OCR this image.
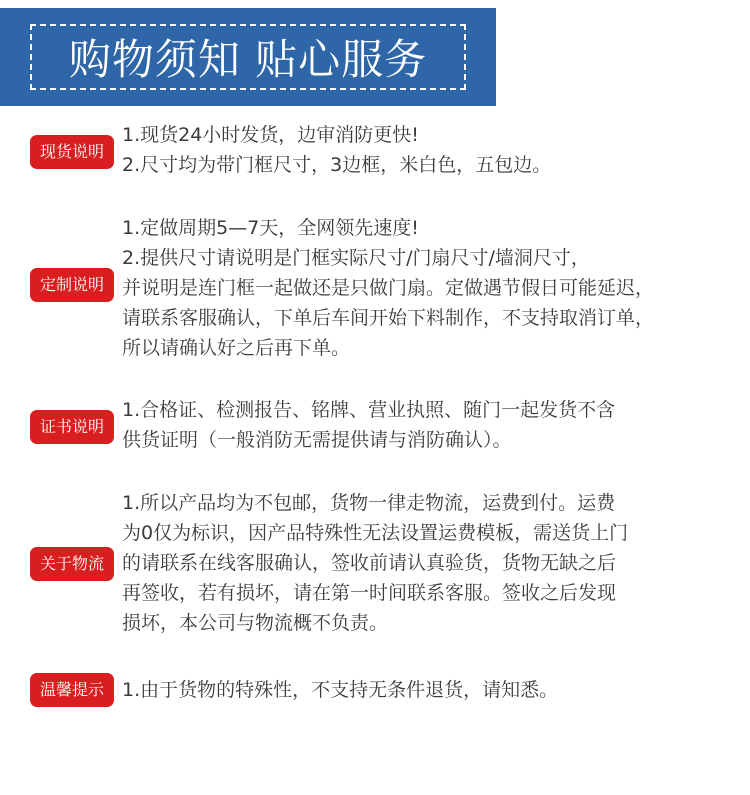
购物须知 贴心服务
现货说明
1.现货24小时发货，边审消防更快!
2.尺寸均为带门框尺寸，3边框，米白色，五包边。
定制说明
1.定做周期5—7天，全网领先速度!
2.提供尺寸请说明是门框实际尺寸/门扇尺寸/墙洞尺寸，
并说明是连门框一起做还是只做门扇。定做遇节假日可能延迟，
请联系客服确认，下单后车间开始下料制作，不支持取消订单，
所以请确认好之后再下单。
证书说明
1.合格证、检测报告、铭牌、营业执照、随门一起发货不含
供货证明（一般消防无需提供请与消防确认）。
关于物流
1.所以产品均为不包邮，货物一律走物流，运费到付。运费
为0仅为标识，因产品特殊性无法设置运费模板，需送货上门
的请联系在线客服确认，签收前请认真验货，货物无缺之后
再签收，若有损坏，请在第一时间联系客服。签收之后发现
损坏，本公司与物流概不负责。
温馨提示 1.由于货物的特殊性，不支持无条件退货，请知悉。
